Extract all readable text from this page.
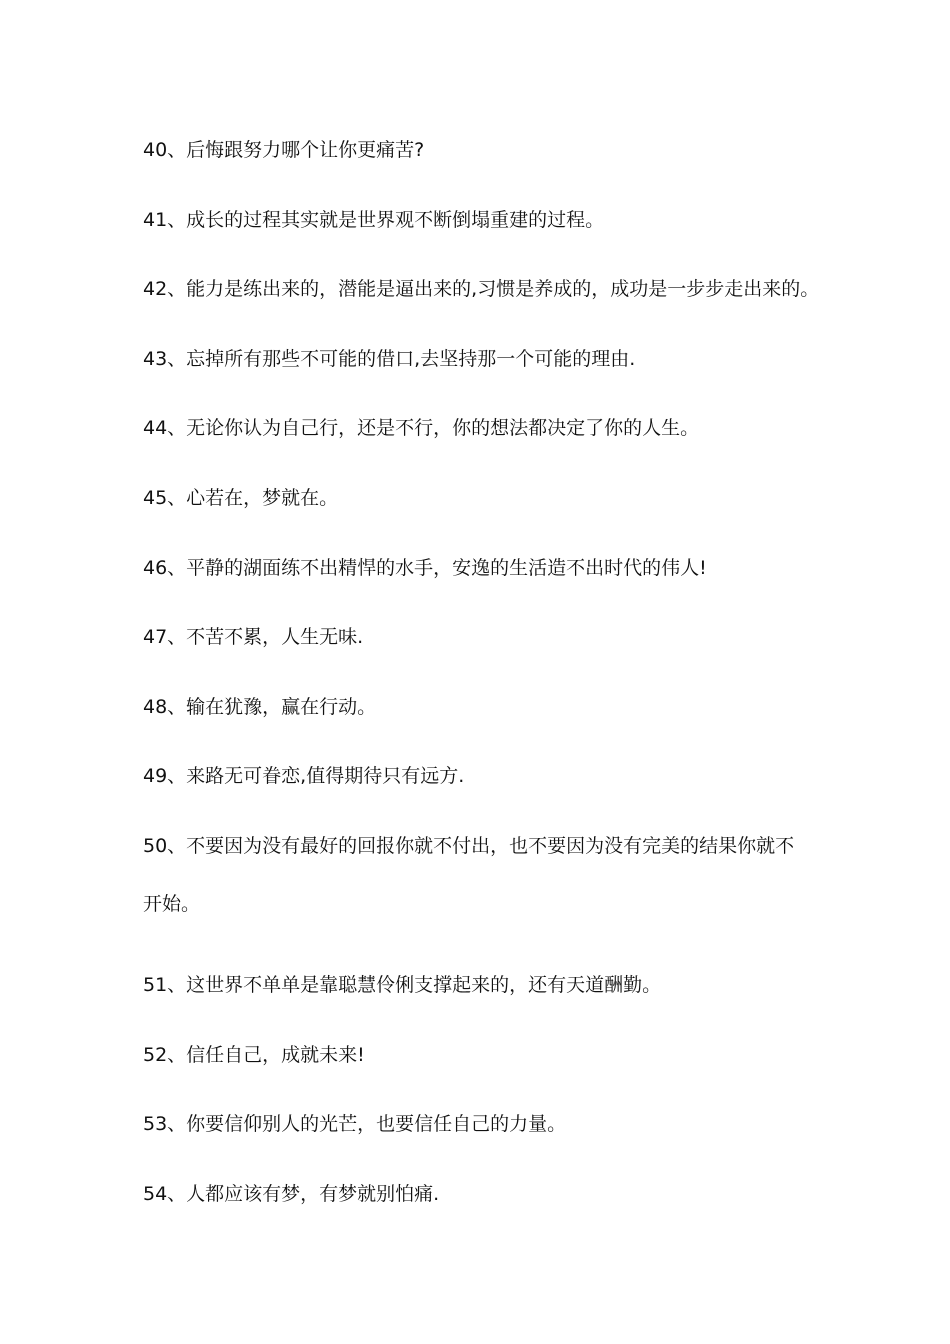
40、后悔跟努力哪个让你更痛苦?
41、成长的过程其实就是世界观不断倒塌重建的过程。
42、能力是练出来的，潜能是逼出来的,习惯是养成的，成功是一步步走出来的。
43、忘掉所有那些不可能的借口,去坚持那一个可能的理由.
44、无论你认为自己行，还是不行，你的想法都决定了你的人生。
45、心若在，梦就在。
46、平静的湖面练不出精悍的水手，安逸的生活造不出时代的伟人!
47、不苦不累，人生无味.
48、输在犹豫，赢在行动。
49、来路无可眷恋,值得期待只有远方.
50、不要因为没有最好的回报你就不付出，也不要因为没有完美的结果你就不开始。
51、这世界不单单是靠聪慧伶俐支撑起来的，还有天道酬勤。
52、信任自己，成就未来!
53、你要信仰别人的光芒，也要信任自己的力量。
54、人都应该有梦，有梦就别怕痛.
